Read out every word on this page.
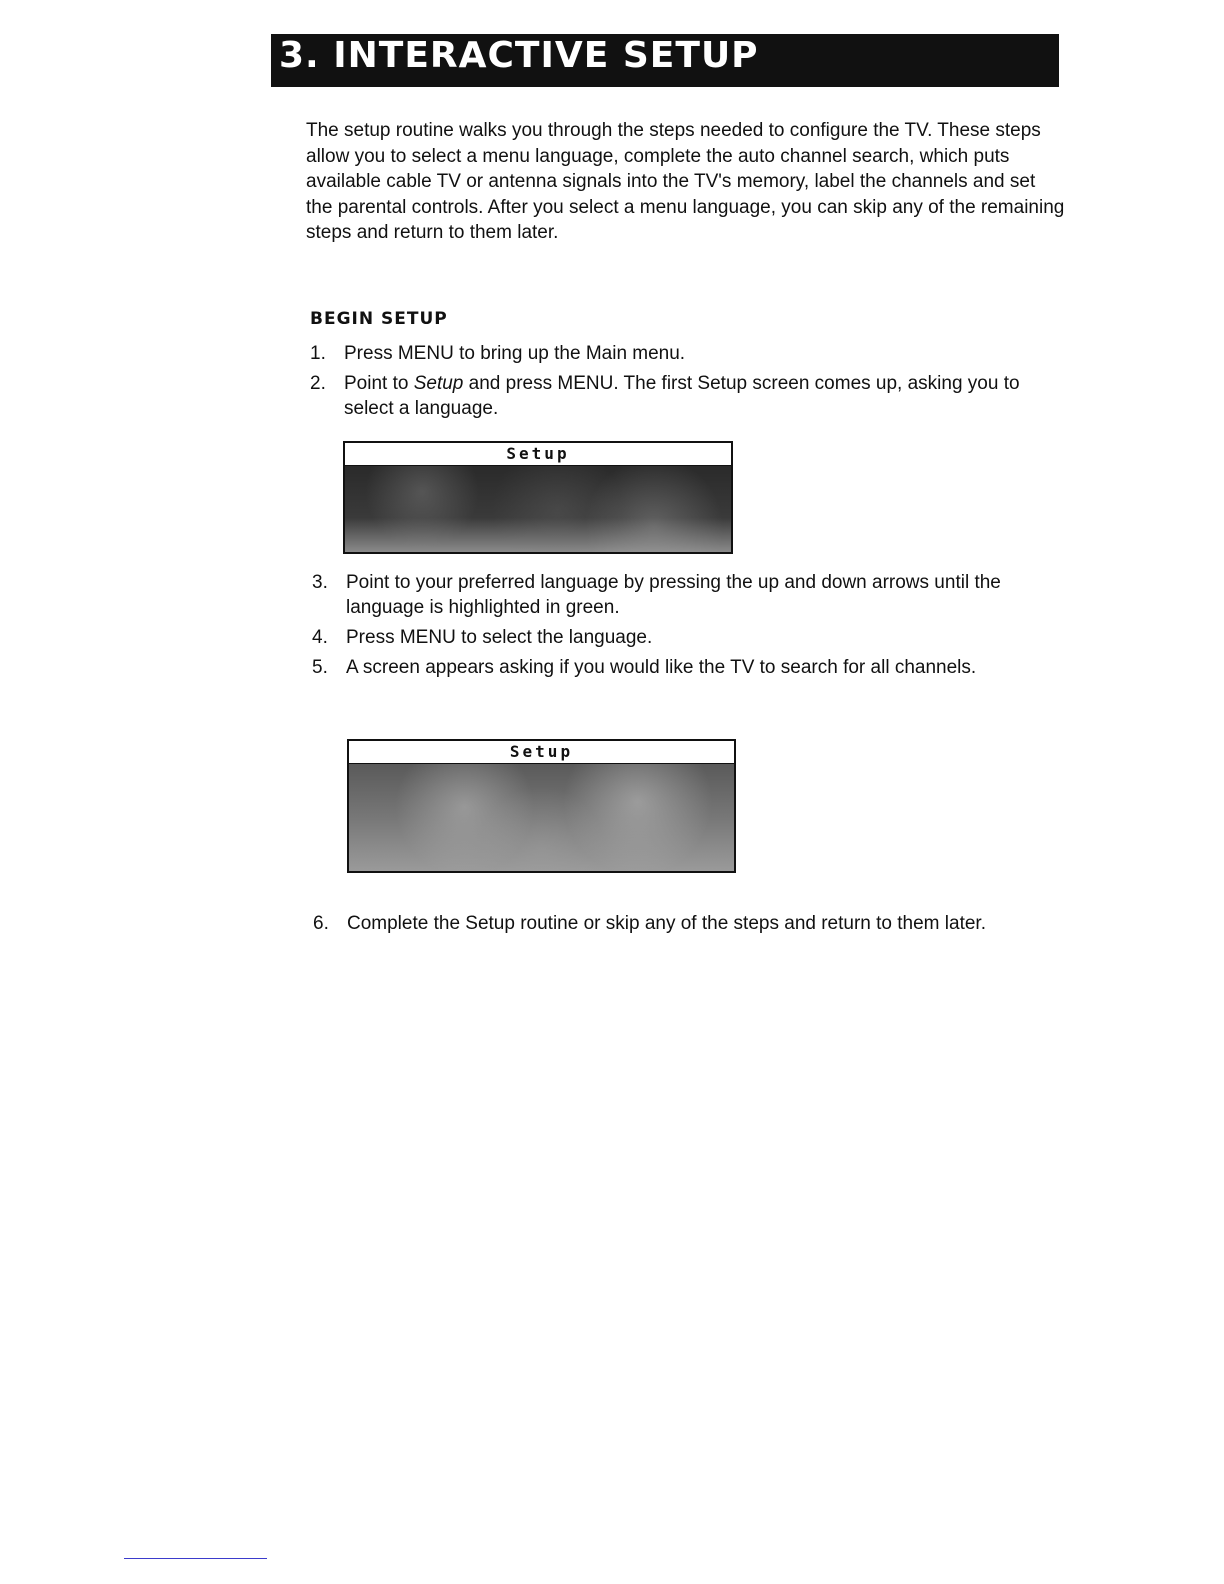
3. INTERACTIVE SETUP

The setup routine walks you through the steps needed to configure the TV. These steps allow you to select a menu language, complete the auto channel search, which puts available cable TV or antenna signals into the TV's memory, label the channels and set the parental controls. After you select a menu language, you can skip any of the remaining steps and return to them later.

BEGIN SETUP
1. Press MENU to bring up the Main menu.
2. Point to Setup and press MENU. The first Setup screen comes up, asking you to select a language.
Setup
3. Point to your preferred language by pressing the up and down arrows until the language is highlighted in green.
4. Press MENU to select the language.
5. A screen appears asking if you would like the TV to search for all channels.
Setup
6. Complete the Setup routine or skip any of the steps and return to them later.
